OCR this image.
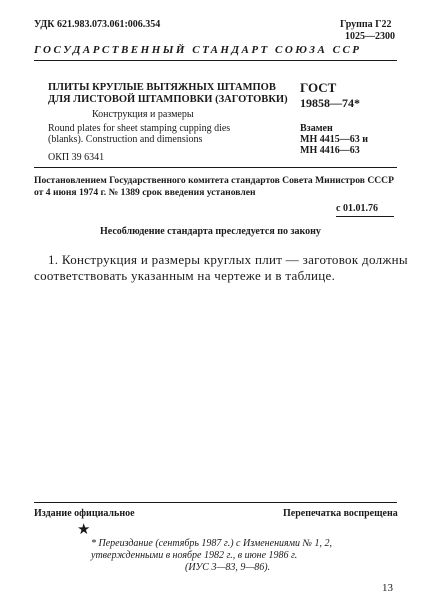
УДК 621.983.073.061:006.354	Группа Г22
1025—2300
ГОСУДАРСТВЕННЫЙ СТАНДАРТ СОЮЗА ССР
ПЛИТЫ КРУГЛЫЕ ВЫТЯЖНЫХ ШТАМПОВ
ДЛЯ ЛИСТОВОЙ ШТАМПОВКИ (ЗАГОТОВКИ)
Конструкция и размеры
Round plates for sheet stamping cupping dies
(blanks). Construction and dimensions
ГОСТ
19858—74*
Взамен
МН 4415—63 и
МН 4416—63
ОКП 39 6341
Постановлением Государственного комитета стандартов Совета Министров СССР
от 4 июня 1974 г. № 1389 срок введения установлен
с 01.01.76
Несоблюдение стандарта преследуется по закону
1. Конструкция и размеры круглых плит — заготовок должны
соответствовать указанным на чертеже и в таблице.
Издание официальное	Перепечатка воспрещена
★
* Переиздание (сентябрь 1987 г.) с Изменениями № 1, 2,
утвержденными в ноябре 1982 г., в июне 1986 г.
(ИУС 3—83, 9—86).
13
